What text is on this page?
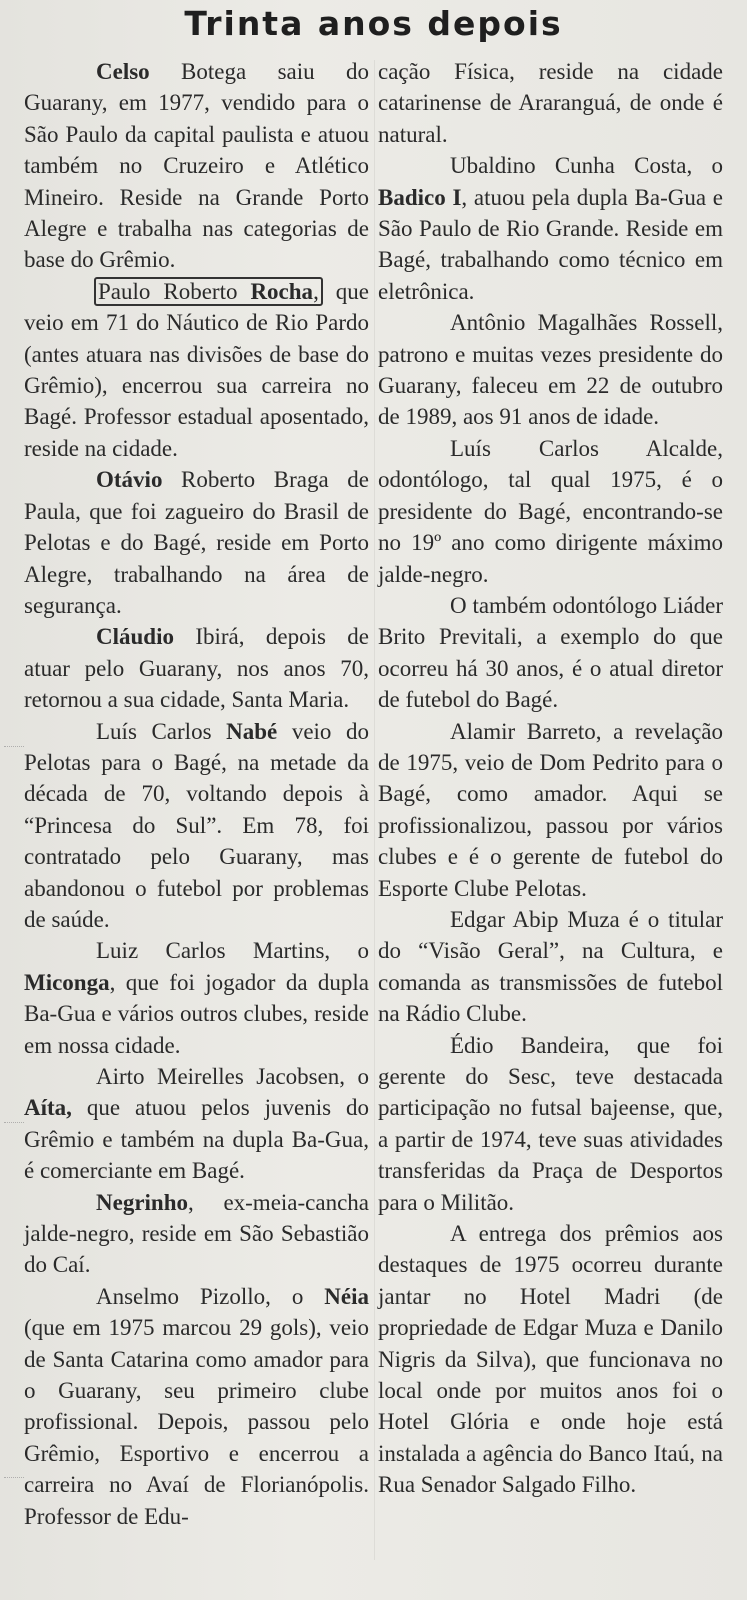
Trinta anos depois

Celso Botega saiu do Guarany, em 1977, vendido para o São Paulo da capital paulista e atuou também no Cruzeiro e Atlético Mineiro. Reside na Grande Porto Alegre e trabalha nas categorias de base do Grêmio.

Paulo Roberto Rocha, que veio em 71 do Náutico de Rio Pardo (antes atuara nas divisões de base do Grêmio), encerrou sua carreira no Bagé. Professor estadual aposentado, reside na cidade.

Otávio Roberto Braga de Paula, que foi zagueiro do Brasil de Pelotas e do Bagé, reside em Porto Alegre, trabalhando na área de segurança.

Cláudio Ibirá, depois de atuar pelo Guarany, nos anos 70, retornou a sua cidade, Santa Maria.

Luís Carlos Nabé veio do Pelotas para o Bagé, na metade da década de 70, voltando depois à “Princesa do Sul”. Em 78, foi contratado pelo Guarany, mas abandonou o futebol por problemas de saúde.

Luiz Carlos Martins, o Miconga, que foi jogador da dupla Ba-Gua e vários outros clubes, reside em nossa cidade.

Airto Meirelles Jacobsen, o Aíta, que atuou pelos juvenis do Grêmio e também na dupla Ba-Gua, é comerciante em Bagé.

Negrinho, ex-meia-cancha jalde-negro, reside em São Sebastião do Caí.

Anselmo Pizollo, o Néia (que em 1975 marcou 29 gols), veio de Santa Catarina como amador para o Guarany, seu primeiro clube profissional. Depois, passou pelo Grêmio, Esportivo e encerrou a carreira no Avaí de Florianópolis. Professor de Edu-

cação Física, reside na cidade catarinense de Araranguá, de onde é natural.

Ubaldino Cunha Costa, o Badico I, atuou pela dupla Ba-Gua e São Paulo de Rio Grande. Reside em Bagé, trabalhando como técnico em eletrônica.

Antônio Magalhães Rossell, patrono e muitas vezes presidente do Guarany, faleceu em 22 de outubro de 1989, aos 91 anos de idade.

Luís Carlos Alcalde, odontólogo, tal qual 1975, é o presidente do Bagé, encontrando-se no 19º ano como dirigente máximo jalde-negro.

O também odontólogo Liáder Brito Previtali, a exemplo do que ocorreu há 30 anos, é o atual diretor de futebol do Bagé.

Alamir Barreto, a revelação de 1975, veio de Dom Pedrito para o Bagé, como amador. Aqui se profissionalizou, passou por vários clubes e é o gerente de futebol do Esporte Clube Pelotas.

Edgar Abip Muza é o titular do “Visão Geral”, na Cultura, e comanda as transmissões de futebol na Rádio Clube.

Édio Bandeira, que foi gerente do Sesc, teve destacada participação no futsal bajeense, que, a partir de 1974, teve suas atividades transferidas da Praça de Desportos para o Militão.

A entrega dos prêmios aos destaques de 1975 ocorreu durante jantar no Hotel Madri (de propriedade de Edgar Muza e Danilo Nigris da Silva), que funcionava no local onde por muitos anos foi o Hotel Glória e onde hoje está instalada a agência do Banco Itaú, na Rua Senador Salgado Filho.
